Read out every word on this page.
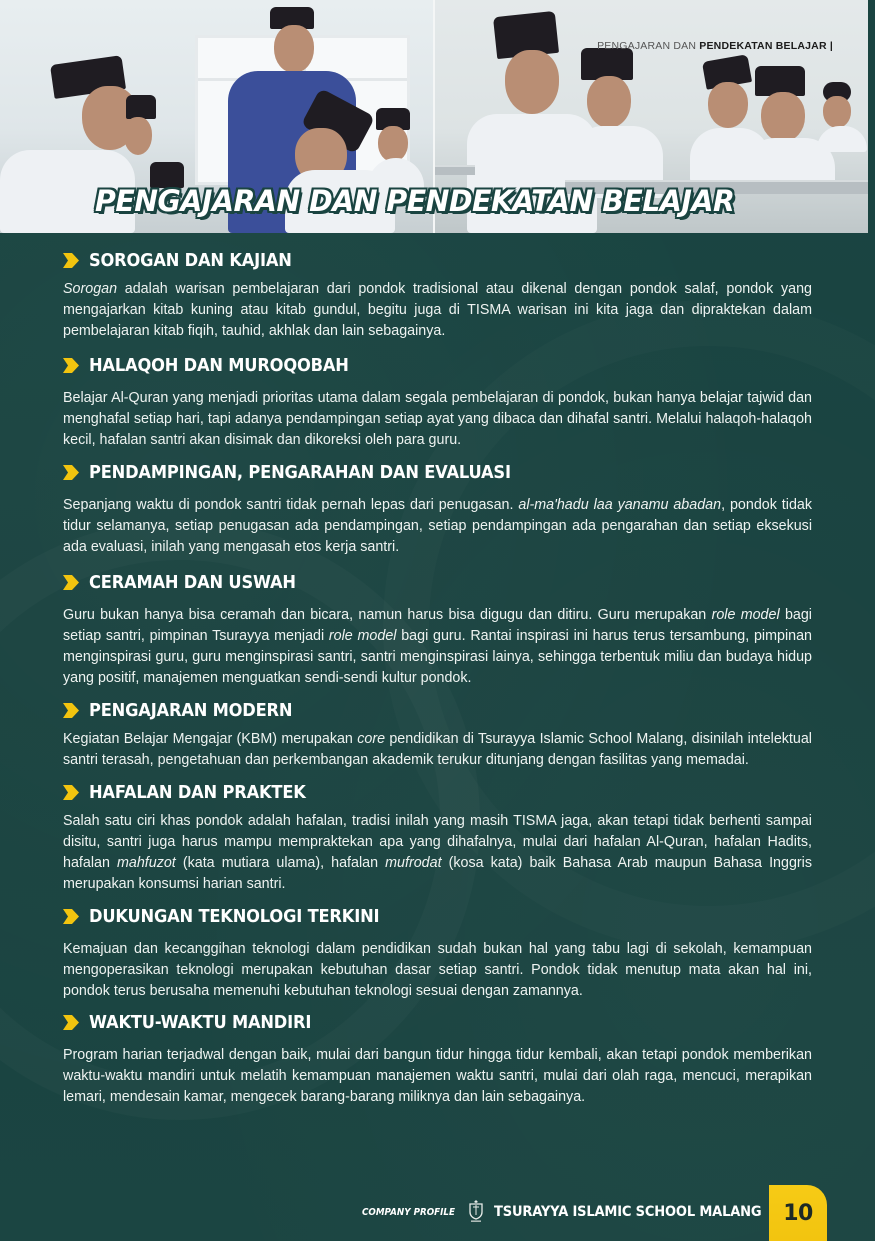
PENGAJARAN DAN PENDEKATAN BELAJAR |
PENGAJARAN DAN PENDEKATAN BELAJAR
SOROGAN DAN KAJIAN

Sorogan adalah warisan pembelajaran dari pondok tradisional atau dikenal dengan pondok salaf, pondok yang mengajarkan kitab kuning atau kitab gundul, begitu juga di TISMA warisan ini kita jaga dan dipraktekan dalam pembelajaran kitab fiqih, tauhid, akhlak dan lain sebagainya.

HALAQOH DAN MUROQOBAH

Belajar Al-Quran yang menjadi prioritas utama dalam segala pembelajaran di pondok, bukan hanya belajar tajwid dan menghafal setiap hari, tapi adanya pendampingan setiap ayat yang dibaca dan dihafal santri. Melalui halaqoh-halaqoh kecil, hafalan santri akan disimak dan dikoreksi oleh para guru.

PENDAMPINGAN, PENGARAHAN DAN EVALUASI

Sepanjang waktu di pondok santri tidak pernah lepas dari penugasan. al-ma'hadu laa yanamu abadan, pondok tidak tidur selamanya, setiap penugasan ada pendampingan, setiap pendampingan ada pengarahan dan setiap eksekusi ada evaluasi, inilah yang mengasah etos kerja santri.

CERAMAH DAN USWAH

Guru bukan hanya bisa ceramah dan bicara, namun harus bisa digugu dan ditiru. Guru merupakan role model bagi setiap santri, pimpinan Tsurayya menjadi role model bagi guru. Rantai inspirasi ini harus terus tersambung, pimpinan menginspirasi guru, guru menginspirasi santri, santri menginspirasi lainya, sehingga terbentuk miliu dan budaya hidup yang positif, manajemen menguatkan sendi-sendi kultur pondok.

PENGAJARAN MODERN

Kegiatan Belajar Mengajar (KBM) merupakan core pendidikan di Tsurayya Islamic School Malang, disinilah intelektual santri terasah, pengetahuan dan perkembangan akademik terukur ditunjang dengan fasilitas yang memadai.

HAFALAN DAN PRAKTEK

Salah satu ciri khas pondok adalah hafalan, tradisi inilah yang masih TISMA jaga, akan tetapi tidak berhenti sampai disitu, santri juga harus mampu mempraktekan apa yang dihafalnya, mulai dari hafalan Al-Quran, hafalan Hadits, hafalan mahfuzot (kata mutiara ulama), hafalan mufrodat (kosa kata) baik Bahasa Arab maupun Bahasa Inggris merupakan konsumsi harian santri.

DUKUNGAN TEKNOLOGI TERKINI

Kemajuan dan kecanggihan teknologi dalam pendidikan sudah bukan hal yang tabu lagi di sekolah, kemampuan mengoperasikan teknologi merupakan kebutuhan dasar setiap santri. Pondok tidak menutup mata akan hal ini, pondok terus berusaha memenuhi kebutuhan teknologi sesuai dengan zamannya.

WAKTU-WAKTU MANDIRI

Program harian terjadwal dengan baik, mulai dari bangun tidur hingga tidur kembali, akan tetapi pondok memberikan waktu-waktu mandiri untuk melatih kemampuan manajemen waktu santri, mulai dari olah raga, mencuci, merapikan lemari, mendesain kamar, mengecek barang-barang miliknya dan lain sebagainya.

COMPANY PROFILE	TSURAYYA ISLAMIC SCHOOL MALANG 10
